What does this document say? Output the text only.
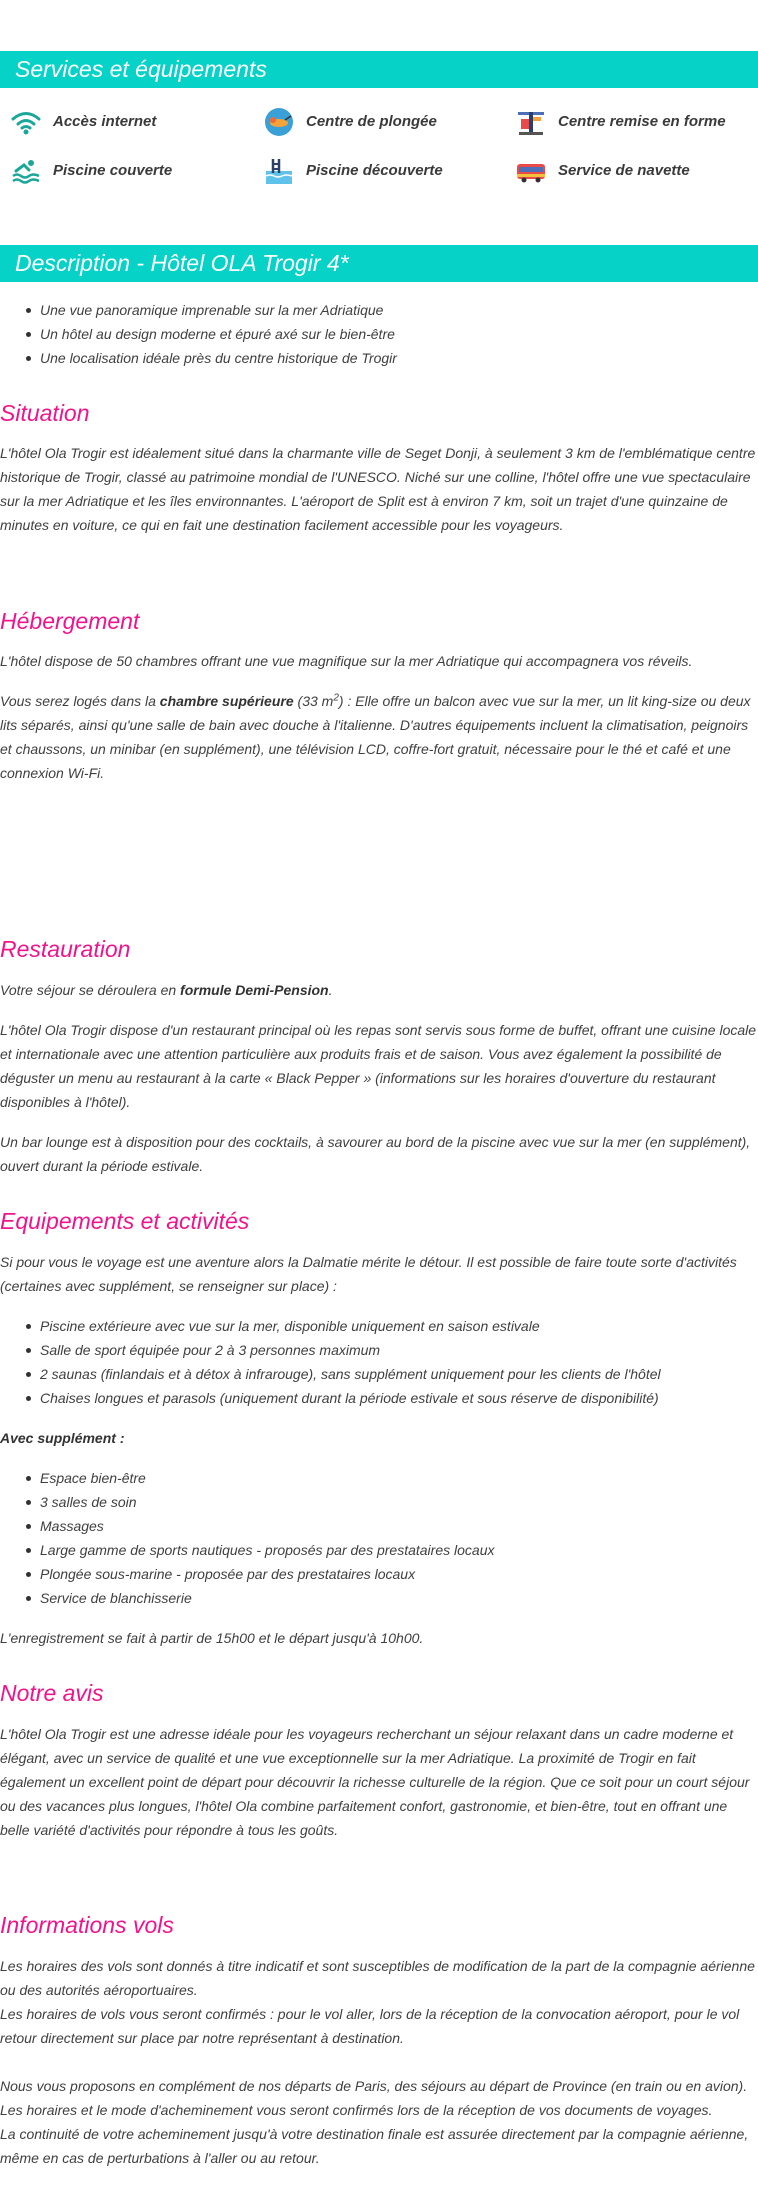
Services et équipements
Accès internet	Centre de plongée	Centre remise en forme
Piscine couverte	Piscine découverte	Service de navette
Description - Hôtel OLA Trogir 4*
Une vue panoramique imprenable sur la mer Adriatique
Un hôtel au design moderne et épuré axé sur le bien-être
Une localisation idéale près du centre historique de Trogir
Situation

L'hôtel Ola Trogir est idéalement situé dans la charmante ville de Seget Donji, à seulement 3 km de l'emblématique centre historique de Trogir, classé au patrimoine mondial de l'UNESCO. Niché sur une colline, l'hôtel offre une vue spectaculaire sur la mer Adriatique et les îles environnantes. L'aéroport de Split est à environ 7 km, soit un trajet d'une quinzaine de minutes en voiture, ce qui en fait une destination facilement accessible pour les voyageurs.

Hébergement

L'hôtel dispose de 50 chambres offrant une vue magnifique sur la mer Adriatique qui accompagnera vos réveils.

Vous serez logés dans la chambre supérieure (33 $m^2$) : Elle offre un balcon avec vue sur la mer, un lit king-size ou deux lits séparés, ainsi qu'une salle de bain avec douche à l'italienne. D'autres équipements incluent la climatisation, peignoirs et chaussons, un minibar (en supplément), une télévision LCD, coffre-fort gratuit, nécessaire pour le thé et café et une connexion Wi-Fi.

Restauration

Votre séjour se déroulera en formule Demi-Pension.

L'hôtel Ola Trogir dispose d'un restaurant principal où les repas sont servis sous forme de buffet, offrant une cuisine locale et internationale avec une attention particulière aux produits frais et de saison. Vous avez également la possibilité de déguster un menu au restaurant à la carte « Black Pepper » (informations sur les horaires d'ouverture du restaurant disponibles à l'hôtel).

Un bar lounge est à disposition pour des cocktails, à savourer au bord de la piscine avec vue sur la mer (en supplément), ouvert durant la période estivale.

Equipements et activités

Si pour vous le voyage est une aventure alors la Dalmatie mérite le détour. Il est possible de faire toute sorte d'activités (certaines avec supplément, se renseigner sur place) :

Piscine extérieure avec vue sur la mer, disponible uniquement en saison estivale
Salle de sport équipée pour 2 à 3 personnes maximum
2 saunas (finlandais et à détox à infrarouge), sans supplément uniquement pour les clients de l'hôtel
Chaises longues et parasols (uniquement durant la période estivale et sous réserve de disponibilité)

Avec supplément :

Espace bien-être
3 salles de soin
Massages
Large gamme de sports nautiques - proposés par des prestataires locaux
Plongée sous-marine - proposée par des prestataires locaux
Service de blanchisserie

L'enregistrement se fait à partir de 15h00 et le départ jusqu'à 10h00.

Notre avis

L'hôtel Ola Trogir est une adresse idéale pour les voyageurs recherchant un séjour relaxant dans un cadre moderne et élégant, avec un service de qualité et une vue exceptionnelle sur la mer Adriatique. La proximité de Trogir en fait également un excellent point de départ pour découvrir la richesse culturelle de la région. Que ce soit pour un court séjour ou des vacances plus longues, l'hôtel Ola combine parfaitement confort, gastronomie, et bien-être, tout en offrant une belle variété d'activités pour répondre à tous les goûts.

Informations vols

Les horaires des vols sont donnés à titre indicatif et sont susceptibles de modification de la part de la compagnie aérienne ou des autorités aéroportuaires.

Les horaires de vols vous seront confirmés : pour le vol aller, lors de la réception de la convocation aéroport, pour le vol retour directement sur place par notre représentant à destination.

Nous vous proposons en complément de nos départs de Paris, des séjours au départ de Province (en train ou en avion).

Les horaires et le mode d'acheminement vous seront confirmés lors de la réception de vos documents de voyages.

La continuité de votre acheminement jusqu'à votre destination finale est assurée directement par la compagnie aérienne, même en cas de perturbations à l'aller ou au retour.
